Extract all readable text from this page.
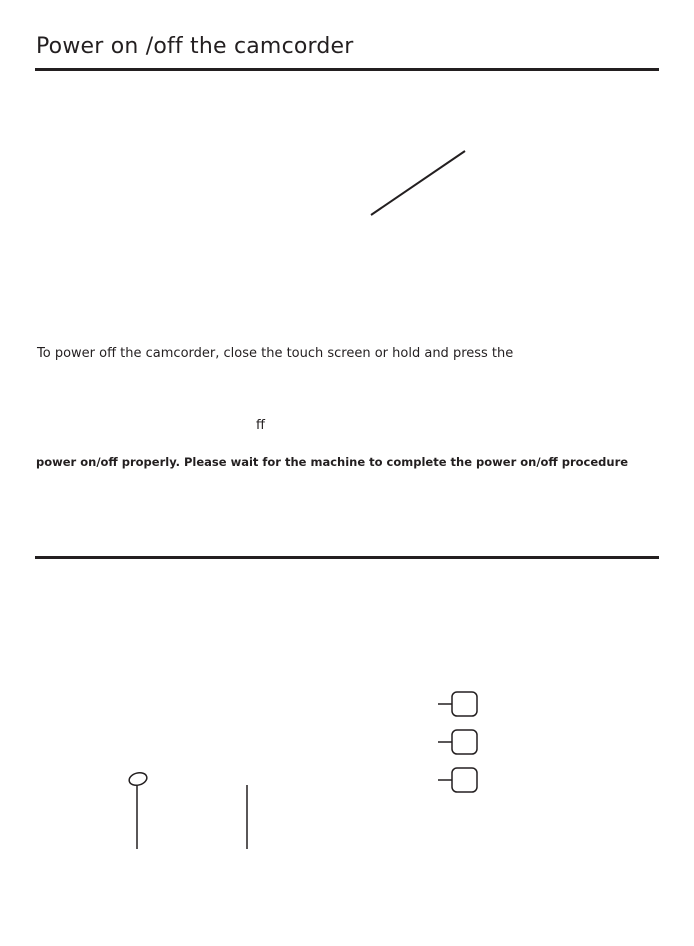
Power on /off the camcorder
To power off the camcorder, close the touch screen or hold and press the
ff
power on/off properly. Please wait for the machine to complete the power on/off procedure
